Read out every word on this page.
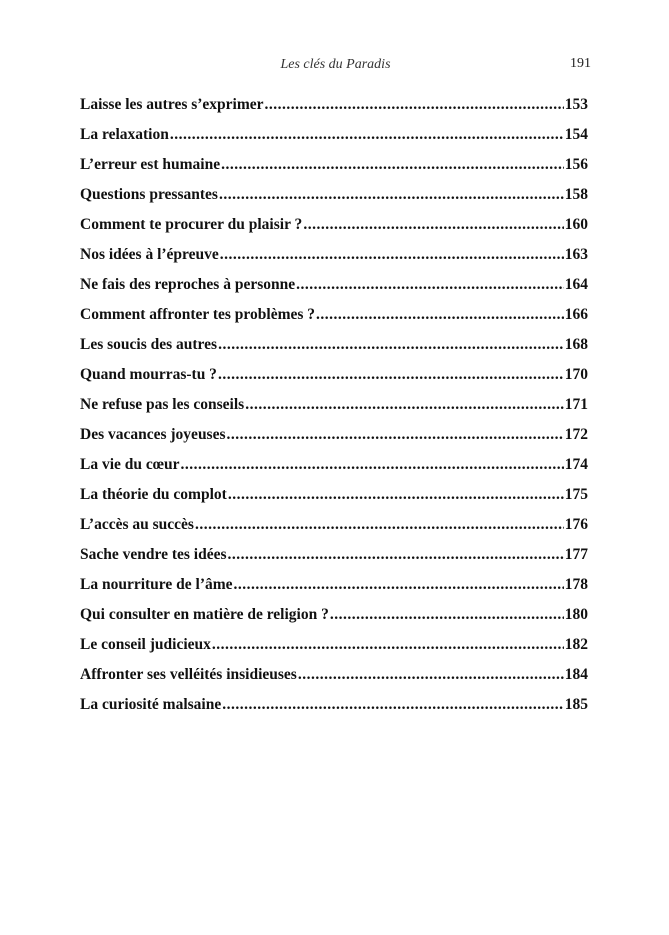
Les clés du Paradis	191
Laisse les autres s’exprimer .....	153
La relaxation .....	154
L’erreur est humaine .....	156
Questions pressantes .....	158
Comment te procurer du plaisir ? .....	160
Nos idées à l’épreuve .....	163
Ne fais des reproches à personne .....	164
Comment affronter tes problèmes ? .....	166
Les soucis des autres .....	168
Quand mourras-tu ? .....	170
Ne refuse pas les conseils .....	171
Des vacances joyeuses .....	172
La vie du cœur .....	174
La théorie du complot .....	175
L’accès au succès .....	176
Sache vendre tes idées .....	177
La nourriture de l’âme .....	178
Qui consulter en matière de religion ? .....	180
Le conseil judicieux .....	182
Affronter ses velléités insidieuses .....	184
La curiosité malsaine .....	185
